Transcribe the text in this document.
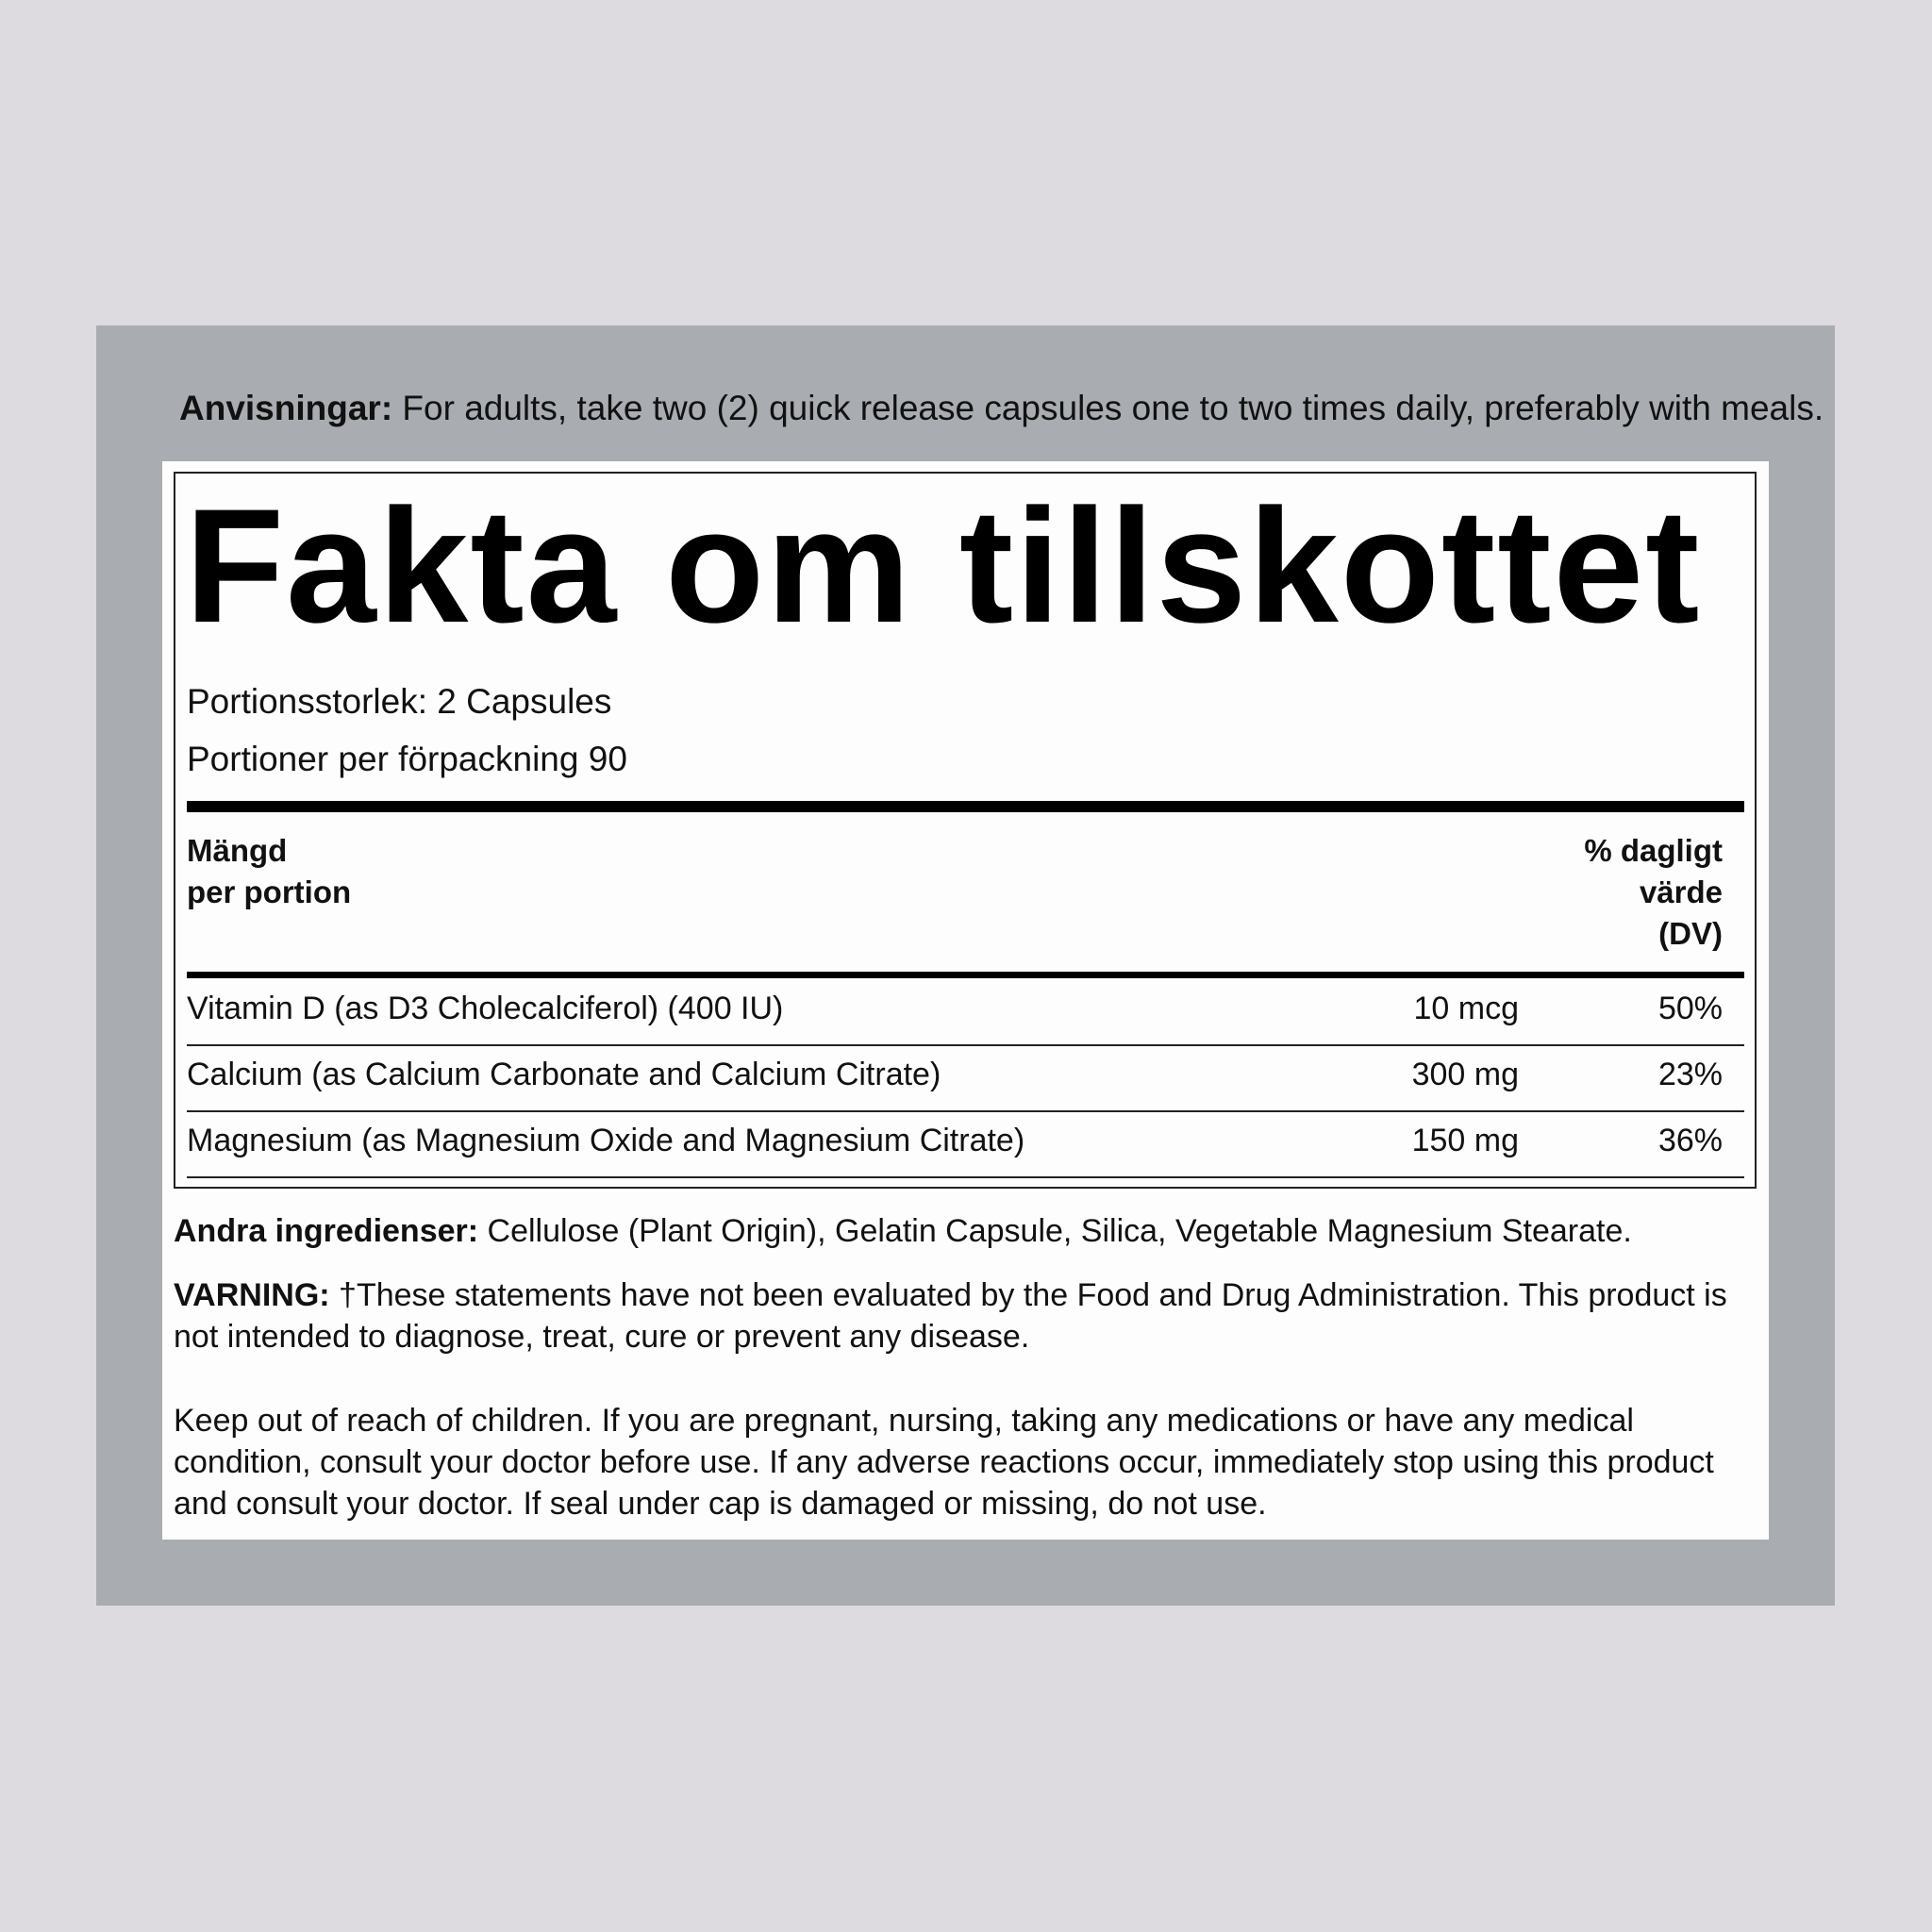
Anvisningar: For adults, take two (2) quick release capsules one to two times daily, preferably with meals.
Fakta om tillskottet
Portionsstorlek: 2 Capsules
Portioner per förpackning 90
Mängd
per portion
% dagligt
värde
(DV)
Vitamin D (as D3 Cholecalciferol) (400 IU)	10 mcg	50%
Calcium (as Calcium Carbonate and Calcium Citrate)	300 mg	23%
Magnesium (as Magnesium Oxide and Magnesium Citrate)	150 mg	36%
Andra ingredienser: Cellulose (Plant Origin), Gelatin Capsule, Silica, Vegetable Magnesium Stearate.
VARNING: †These statements have not been evaluated by the Food and Drug Administration. This product is not intended to diagnose, treat, cure or prevent any disease.
Keep out of reach of children. If you are pregnant, nursing, taking any medications or have any medical condition, consult your doctor before use. If any adverse reactions occur, immediately stop using this product and consult your doctor. If seal under cap is damaged or missing, do not use.
